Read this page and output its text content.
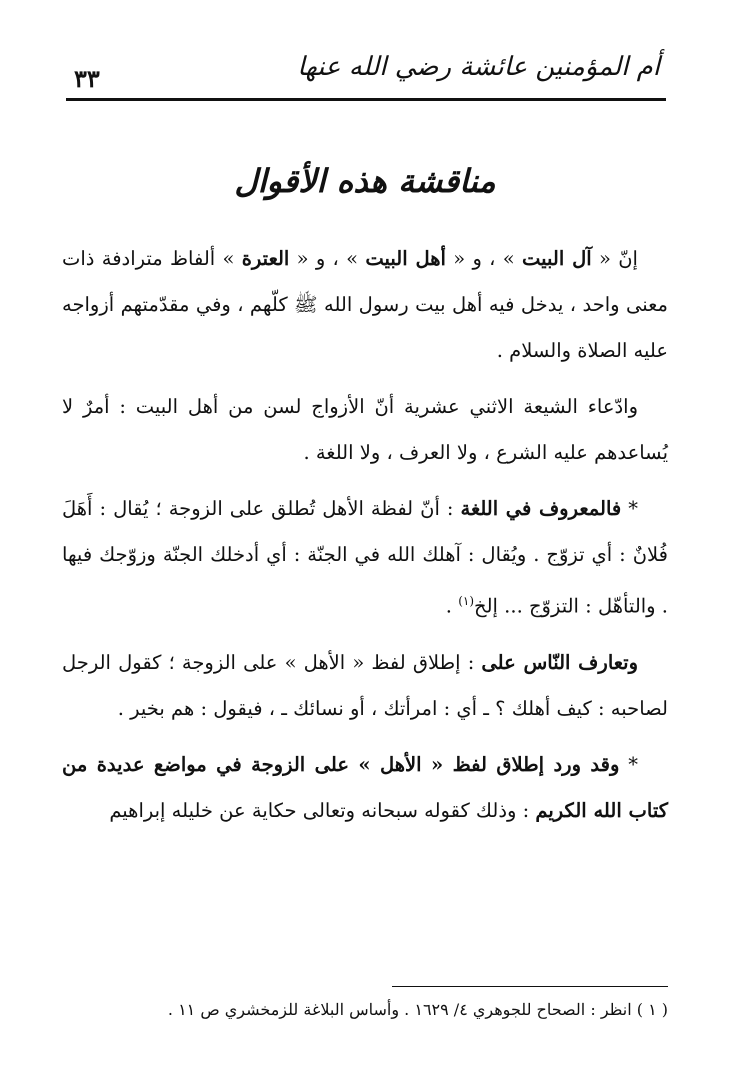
أم المؤمنين عائشة رضي الله عنها
٣٣
مناقشة هذه الأقوال

إنّ « آل البيت » ، و « أهل البيت » ، و « العترة » ألفاظ مترادفة ذات معنى واحد ، يدخل فيه أهل بيت رسول الله ﷺ كلّهم ، وفي مقدّمتهم أزواجه عليه الصلاة والسلام .

وادّعاء الشيعة الاثني عشرية أنّ الأزواج لسن من أهل البيت : أمرٌ لا يُساعدهم عليه الشرع ، ولا العرف ، ولا اللغة .

* فالمعروف في اللغة : أنّ لفظة الأهل تُطلق على الزوجة ؛ يُقال : أَهَلَ فُلانٌ : أي تزوّج . ويُقال : آهلك الله في الجنّة : أي أدخلك الجنّة وزوّجك فيها . والتأهّل : التزوّج ... إلخ$^{(١)}$ .

وتعارف النّاس على : إطلاق لفظ « الأهل » على الزوجة ؛ كقول الرجل لصاحبه : كيف أهلك ؟ ـ أي : امرأتك ، أو نسائك ـ ، فيقول : هم بخير .

* وقد ورد إطلاق لفظ « الأهل » على الزوجة في مواضع عديدة من كتاب الله الكريم : وذلك كقوله سبحانه وتعالى حكاية عن خليله إبراهيم

( ١ ) انظر : الصحاح للجوهري ٤/ ١٦٢٩ . وأساس البلاغة للزمخشري ص ١١ .
